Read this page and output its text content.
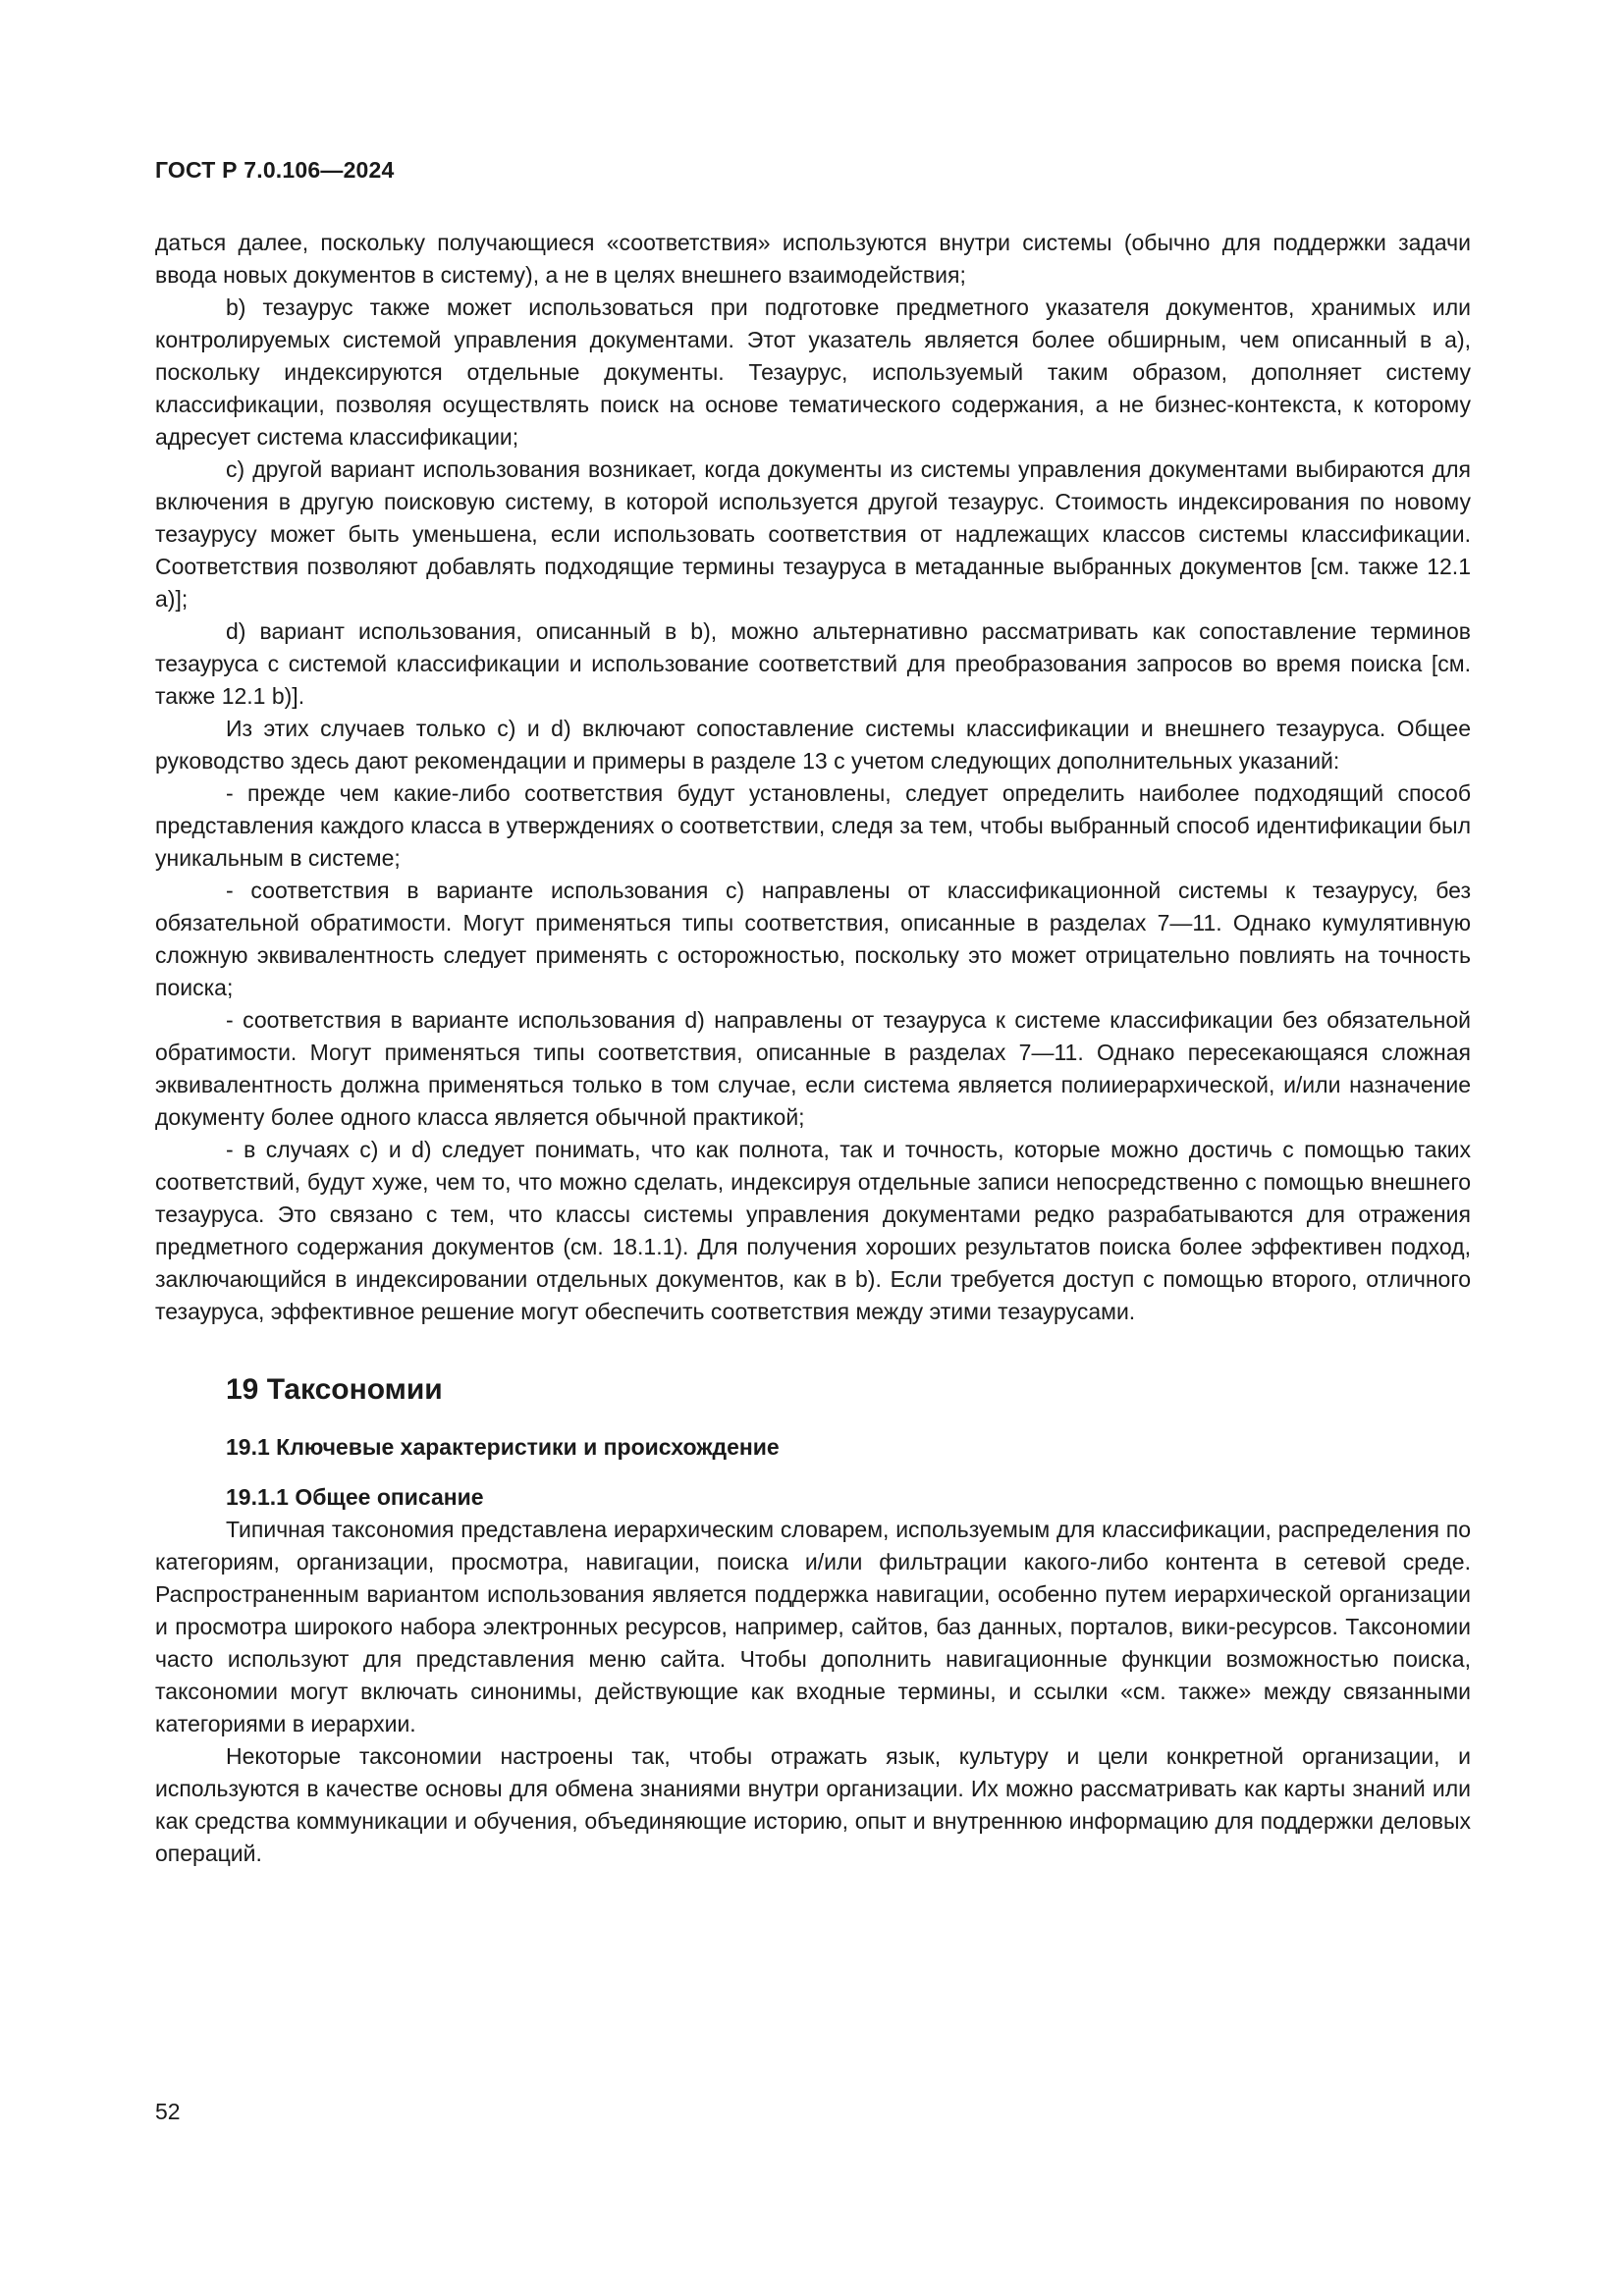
ГОСТ Р 7.0.106—2024

даться далее, поскольку получающиеся «соответствия» используются внутри системы (обычно для поддержки задачи ввода новых документов в систему), а не в целях внешнего взаимодействия;

b) тезаурус также может использоваться при подготовке предметного указателя документов, хранимых или контролируемых системой управления документами. Этот указатель является более обширным, чем описанный в а), поскольку индексируются отдельные документы. Тезаурус, используемый таким образом, дополняет систему классификации, позволяя осуществлять поиск на основе тематического содержания, а не бизнес-контекста, к которому адресует система классификации;

c) другой вариант использования возникает, когда документы из системы управления документами выбираются для включения в другую поисковую систему, в которой используется другой тезаурус. Стоимость индексирования по новому тезаурусу может быть уменьшена, если использовать соответствия от надлежащих классов системы классификации. Соответствия позволяют добавлять подходящие термины тезауруса в метаданные выбранных документов [см. также 12.1 а)];

d) вариант использования, описанный в b), можно альтернативно рассматривать как сопоставление терминов тезауруса с системой классификации и использование соответствий для преобразования запросов во время поиска [см. также 12.1 b)].

Из этих случаев только c) и d) включают сопоставление системы классификации и внешнего тезауруса. Общее руководство здесь дают рекомендации и примеры в разделе 13 с учетом следующих дополнительных указаний:

- прежде чем какие-либо соответствия будут установлены, следует определить наиболее подходящий способ представления каждого класса в утверждениях о соответствии, следя за тем, чтобы выбранный способ идентификации был уникальным в системе;

- соответствия в варианте использования c) направлены от классификационной системы к тезаурусу, без обязательной обратимости. Могут применяться типы соответствия, описанные в разделах 7—11. Однако кумулятивную сложную эквивалентность следует применять с осторожностью, поскольку это может отрицательно повлиять на точность поиска;

- соответствия в варианте использования d) направлены от тезауруса к системе классификации без обязательной обратимости. Могут применяться типы соответствия, описанные в разделах 7—11. Однако пересекающаяся сложная эквивалентность должна применяться только в том случае, если система является полииерархической, и/или назначение документу более одного класса является обычной практикой;

- в случаях c) и d) следует понимать, что как полнота, так и точность, которые можно достичь с помощью таких соответствий, будут хуже, чем то, что можно сделать, индексируя отдельные записи непосредственно с помощью внешнего тезауруса. Это связано с тем, что классы системы управления документами редко разрабатываются для отражения предметного содержания документов (см. 18.1.1). Для получения хороших результатов поиска более эффективен подход, заключающийся в индексировании отдельных документов, как в b). Если требуется доступ с помощью второго, отличного тезауруса, эффективное решение могут обеспечить соответствия между этими тезаурусами.

19 Таксономии

19.1 Ключевые характеристики и происхождение

19.1.1 Общее описание

Типичная таксономия представлена иерархическим словарем, используемым для классификации, распределения по категориям, организации, просмотра, навигации, поиска и/или фильтрации какого-либо контента в сетевой среде. Распространенным вариантом использования является поддержка навигации, особенно путем иерархической организации и просмотра широкого набора электронных ресурсов, например, сайтов, баз данных, порталов, вики-ресурсов. Таксономии часто используют для представления меню сайта. Чтобы дополнить навигационные функции возможностью поиска, таксономии могут включать синонимы, действующие как входные термины, и ссылки «см. также» между связанными категориями в иерархии.

Некоторые таксономии настроены так, чтобы отражать язык, культуру и цели конкретной организации, и используются в качестве основы для обмена знаниями внутри организации. Их можно рассматривать как карты знаний или как средства коммуникации и обучения, объединяющие историю, опыт и внутреннюю информацию для поддержки деловых операций.

52
